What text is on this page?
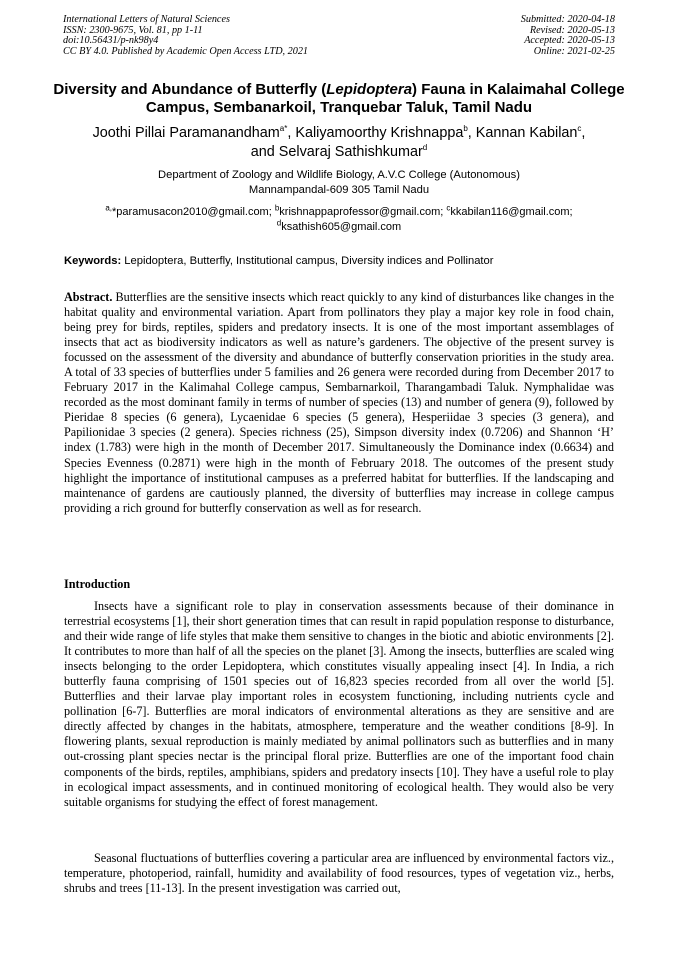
International Letters of Natural Sciences
ISSN: 2300-9675, Vol. 81, pp 1-11
doi:10.56431/p-nk98y4
CC BY 4.0. Published by Academic Open Access LTD, 2021
Submitted: 2020-04-18
Revised: 2020-05-13
Accepted: 2020-05-13
Online: 2021-02-25
Diversity and Abundance of Butterfly (Lepidoptera) Fauna in Kalaimahal College Campus, Sembanarkoil, Tranquebar Taluk, Tamil Nadu
Joothi Pillai Paramanandham$^{a*}$, Kaliyamoorthy Krishnappa$^b$, Kannan Kabilan$^c$,
and Selvaraj Sathishkumar$^d$
Department of Zoology and Wildlife Biology, A.V.C College (Autonomous)
Mannampandal-609 305 Tamil Nadu
$^{a,}$*paramusacon2010@gmail.com; $^b$krishnappaprofessor@gmail.com; $^c$kkabilan116@gmail.com;
$^d$ksathish605@gmail.com
Keywords: Lepidoptera, Butterfly, Institutional campus, Diversity indices and Pollinator
Abstract. Butterflies are the sensitive insects which react quickly to any kind of disturbances like changes in the habitat quality and environmental variation. Apart from pollinators they play a major key role in food chain, being prey for birds, reptiles, spiders and predatory insects. It is one of the most important assemblages of insects that act as biodiversity indicators as well as nature’s gardeners. The objective of the present survey is focussed on the assessment of the diversity and abundance of butterfly conservation priorities in the study area. A total of 33 species of butterflies under 5 families and 26 genera were recorded during from December 2017 to February 2017 in the Kalimahal College campus, Sembarnarkoil, Tharangambadi Taluk. Nymphalidae was recorded as the most dominant family in terms of number of species (13) and number of genera (9), followed by Pieridae 8 species (6 genera), Lycaenidae 6 species (5 genera), Hesperiidae 3 species (3 genera), and Papilionidae 3 species (2 genera). Species richness (25), Simpson diversity index (0.7206) and Shannon ‘H’ index (1.783) were high in the month of December 2017. Simultaneously the Dominance index (0.6634) and Species Evenness (0.2871) were high in the month of February 2018. The outcomes of the present study highlight the importance of institutional campuses as a preferred habitat for butterflies. If the landscaping and maintenance of gardens are cautiously planned, the diversity of butterflies may increase in college campus providing a rich ground for butterfly conservation as well as for research.
Introduction

Insects have a significant role to play in conservation assessments because of their dominance in terrestrial ecosystems [1], their short generation times that can result in rapid population response to disturbance, and their wide range of life styles that make them sensitive to changes in the biotic and abiotic environments [2]. It contributes to more than half of all the species on the planet [3]. Among the insects, butterflies are scaled wing insects belonging to the order Lepidoptera, which constitutes visually appealing insect [4]. In India, a rich butterfly fauna comprising of 1501 species out of 16,823 species recorded from all over the world [5]. Butterflies and their larvae play important roles in ecosystem functioning, including nutrients cycle and pollination [6-7]. Butterflies are moral indicators of environmental alterations as they are sensitive and are directly affected by changes in the habitats, atmosphere, temperature and the weather conditions [8-9]. In flowering plants, sexual reproduction is mainly mediated by animal pollinators such as butterflies and in many out-crossing plant species nectar is the principal floral prize. Butterflies are one of the important food chain components of the birds, reptiles, amphibians, spiders and predatory insects [10]. They have a useful role to play in ecological impact assessments, and in continued monitoring of ecological health. They would also be very suitable organisms for studying the effect of forest management.

Seasonal fluctuations of butterflies covering a particular area are influenced by environmental factors viz., temperature, photoperiod, rainfall, humidity and availability of food resources, types of vegetation viz., herbs, shrubs and trees [11-13]. In the present investigation was carried out,
